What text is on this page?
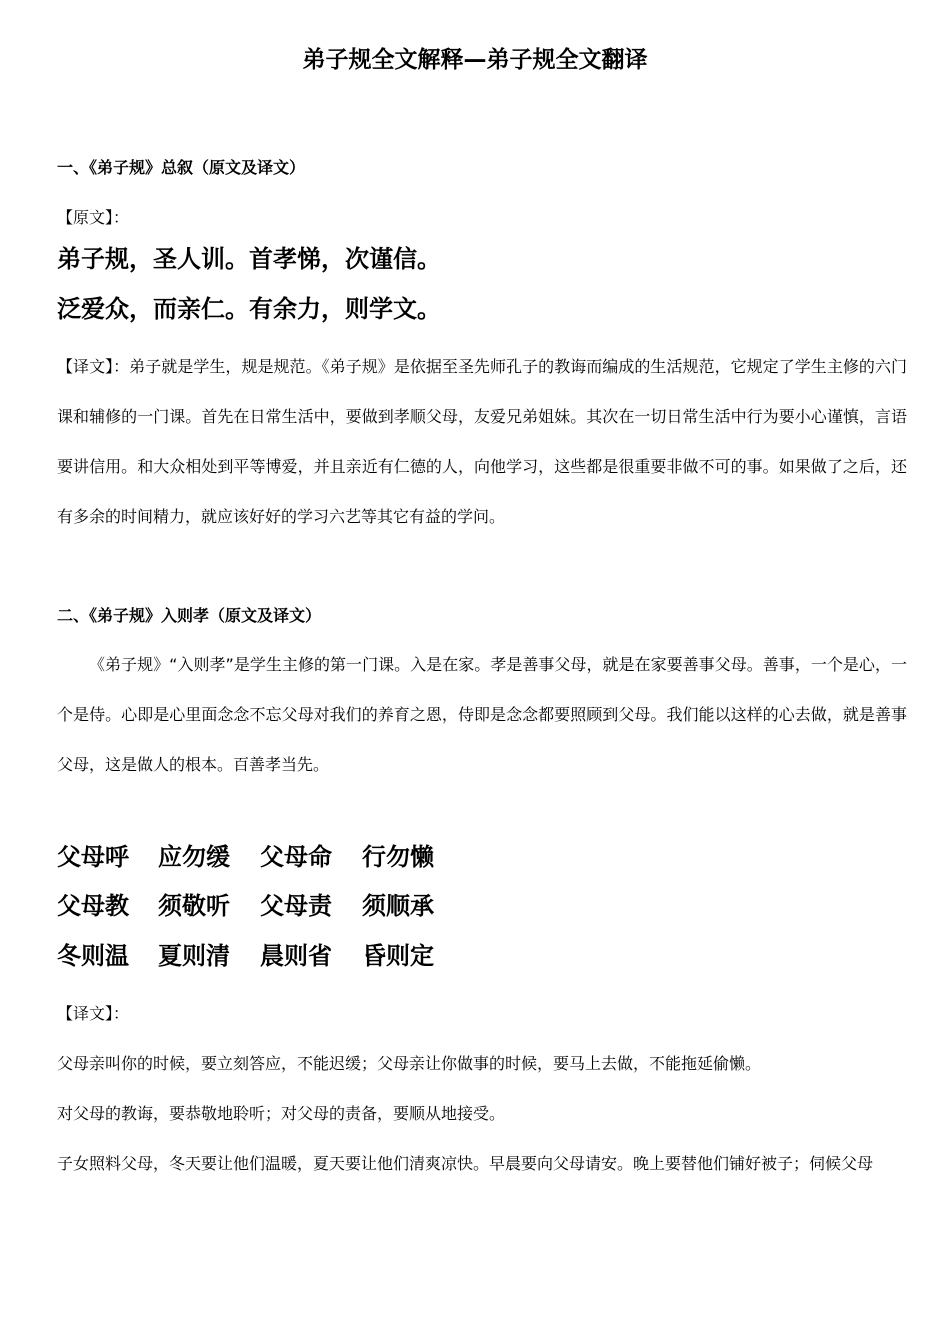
弟子规全文解释—弟子规全文翻译
一、《弟子规》总叙（原文及译文）
【原文】：
弟子规，圣人训。首孝悌，次谨信。
泛爱众，而亲仁。有余力，则学文。
【译文】：弟子就是学生，规是规范。《弟子规》是依据至圣先师孔子的教诲而编成的生活规范，它规定了学生主修的六门课和辅修的一门课。首先在日常生活中，要做到孝顺父母，友爱兄弟姐妹。其次在一切日常生活中行为要小心谨慎，言语要讲信用。和大众相处到平等博爱，并且亲近有仁德的人，向他学习，这些都是很重要非做不可的事。如果做了之后，还有多余的时间精力，就应该好好的学习六艺等其它有益的学问。
二、《弟子规》入则孝（原文及译文）
《弟子规》“入则孝”是学生主修的第一门课。入是在家。孝是善事父母，就是在家要善事父母。善事，一个是心，一个是侍。心即是心里面念念不忘父母对我们的养育之恩，侍即是念念都要照顾到父母。我们能以这样的心去做，就是善事父母，这是做人的根本。百善孝当先。
父母呼 应勿缓 父母命 行勿懒
父母教 须敬听 父母责 须顺承
冬则温 夏则清 晨则省 昏则定
【译文】：
父母亲叫你的时候，要立刻答应，不能迟缓；父母亲让你做事的时候，要马上去做，不能拖延偷懒。
对父母的教诲，要恭敬地聆听；对父母的责备，要顺从地接受。
子女照料父母，冬天要让他们温暖，夏天要让他们清爽凉快。早晨要向父母请安。晚上要替他们铺好被子；伺候父母
